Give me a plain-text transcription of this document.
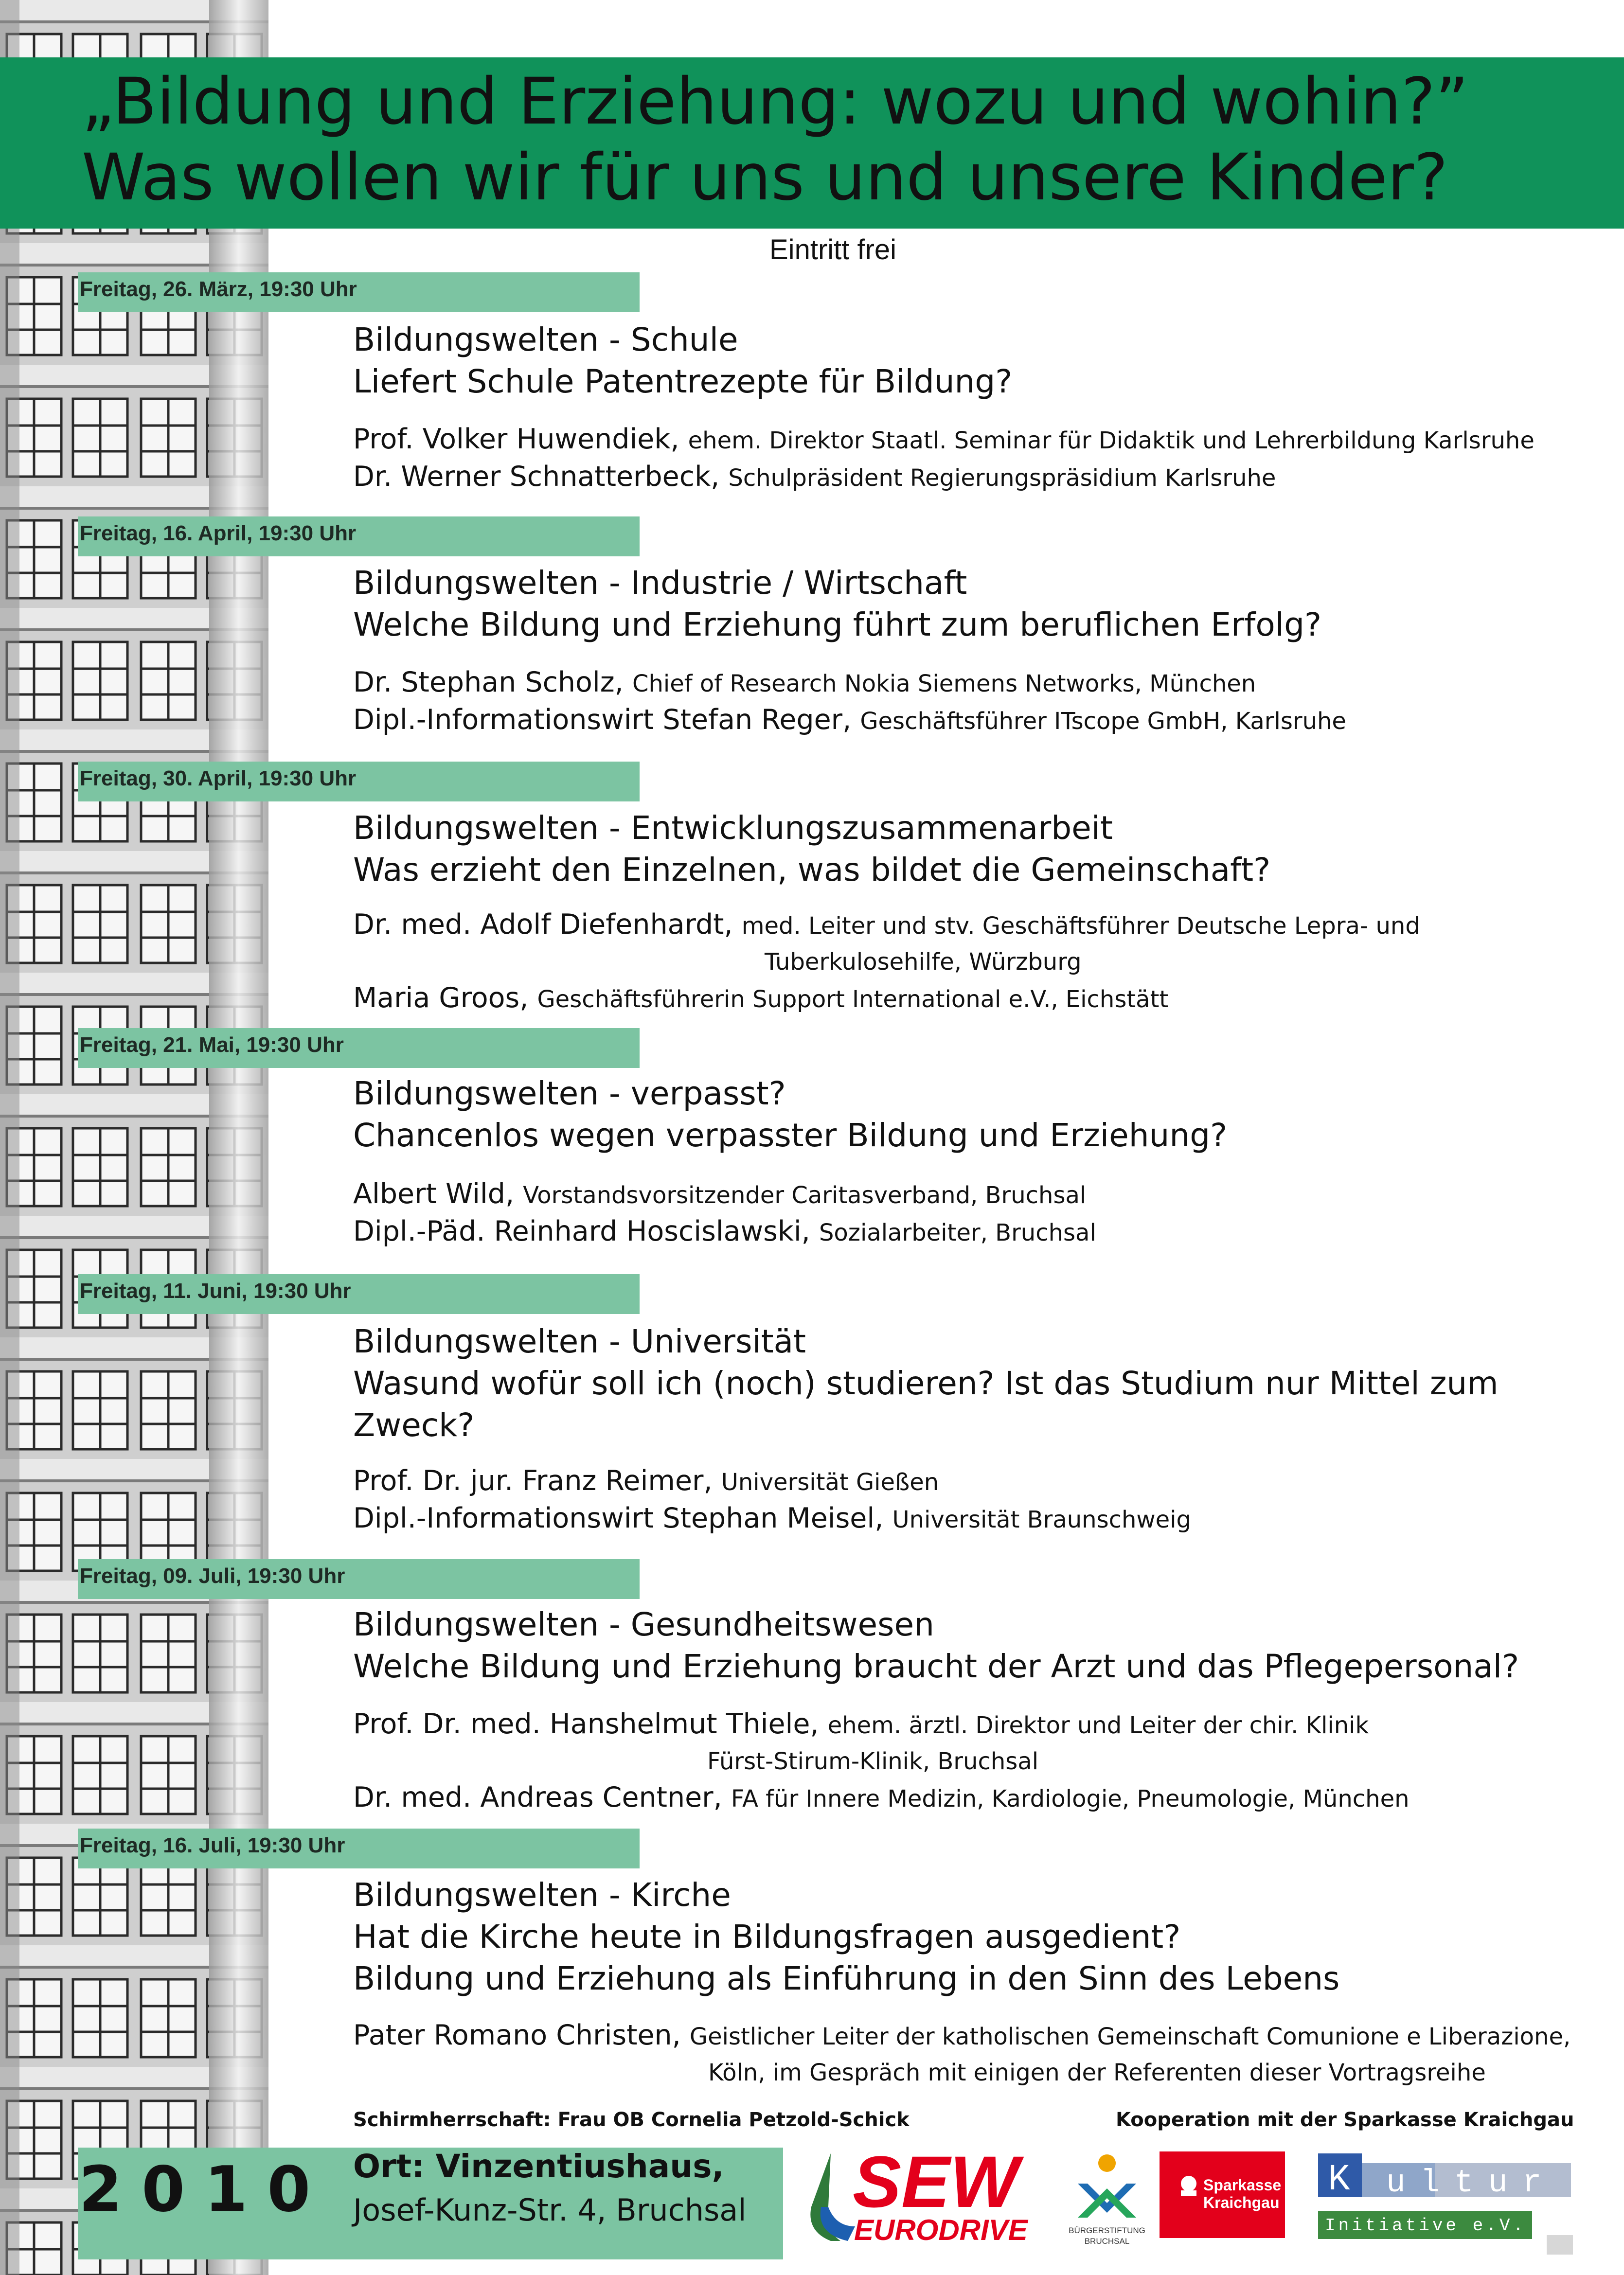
„Bildung und Erziehung: wozu und wohin?”
Was wollen wir für uns und unsere Kinder?
Eintritt frei
Freitag, 26. März, 19:30 Uhr
Bildungswelten - Schule
Liefert Schule Patentrezepte für Bildung?
Prof. Volker Huwendiek, ehem. Direktor Staatl. Seminar für Didaktik und Lehrerbildung Karlsruhe
Dr. Werner Schnatterbeck, Schulpräsident Regierungspräsidium Karlsruhe
Freitag, 16. April, 19:30 Uhr
Bildungswelten - Industrie / Wirtschaft
Welche Bildung und Erziehung führt zum beruflichen Erfolg?
Dr. Stephan Scholz, Chief of Research Nokia Siemens Networks, München
Dipl.-Informationswirt Stefan Reger, Geschäftsführer ITscope GmbH, Karlsruhe
Freitag, 30. April, 19:30 Uhr
Bildungswelten - Entwicklungszusammenarbeit
Was erzieht den Einzelnen, was bildet die Gemeinschaft?
Dr. med. Adolf Diefenhardt, med. Leiter und stv. Geschäftsführer Deutsche Lepra- und
Tuberkulosehilfe, Würzburg
Maria Groos, Geschäftsführerin Support International e.V., Eichstätt
Freitag, 21. Mai, 19:30 Uhr
Bildungswelten - verpasst?
Chancenlos wegen verpasster Bildung und Erziehung?
Albert Wild, Vorstandsvorsitzender Caritasverband, Bruchsal
Dipl.-Päd. Reinhard Hoscislawski, Sozialarbeiter, Bruchsal
Freitag, 11. Juni, 19:30 Uhr
Bildungswelten - Universität
Wasund wofür soll ich (noch) studieren? Ist das Studium nur Mittel zum
Zweck?
Prof. Dr. jur. Franz Reimer, Universität Gießen
Dipl.-Informationswirt Stephan Meisel, Universität Braunschweig
Freitag, 09. Juli, 19:30 Uhr
Bildungswelten - Gesundheitswesen
Welche Bildung und Erziehung braucht der Arzt und das Pflegepersonal?
Prof. Dr. med. Hanshelmut Thiele, ehem. ärztl. Direktor und Leiter der chir. Klinik
Fürst-Stirum-Klinik, Bruchsal
Dr. med. Andreas Centner, FA für Innere Medizin, Kardiologie, Pneumologie, München
Freitag, 16. Juli, 19:30 Uhr
Bildungswelten - Kirche
Hat die Kirche heute in Bildungsfragen ausgedient?
Bildung und Erziehung als Einführung in den Sinn des Lebens
Pater Romano Christen, Geistlicher Leiter der katholischen Gemeinschaft Comunione e Liberazione,
Köln, im Gespräch mit einigen der Referenten dieser Vortragsreihe
Schirmherrschaft: Frau OB Cornelia Petzold-Schick	Kooperation mit der Sparkasse Kraichgau
2010 Ort: Vinzentiushaus,
Josef-Kunz-Str. 4, Bruchsal SEW
EURODRIVE	BÜRGERSTIFTUNG
BRUCHSAL
Sparkasse
Kraichgau
K u l t u r
Initiative e.V.
